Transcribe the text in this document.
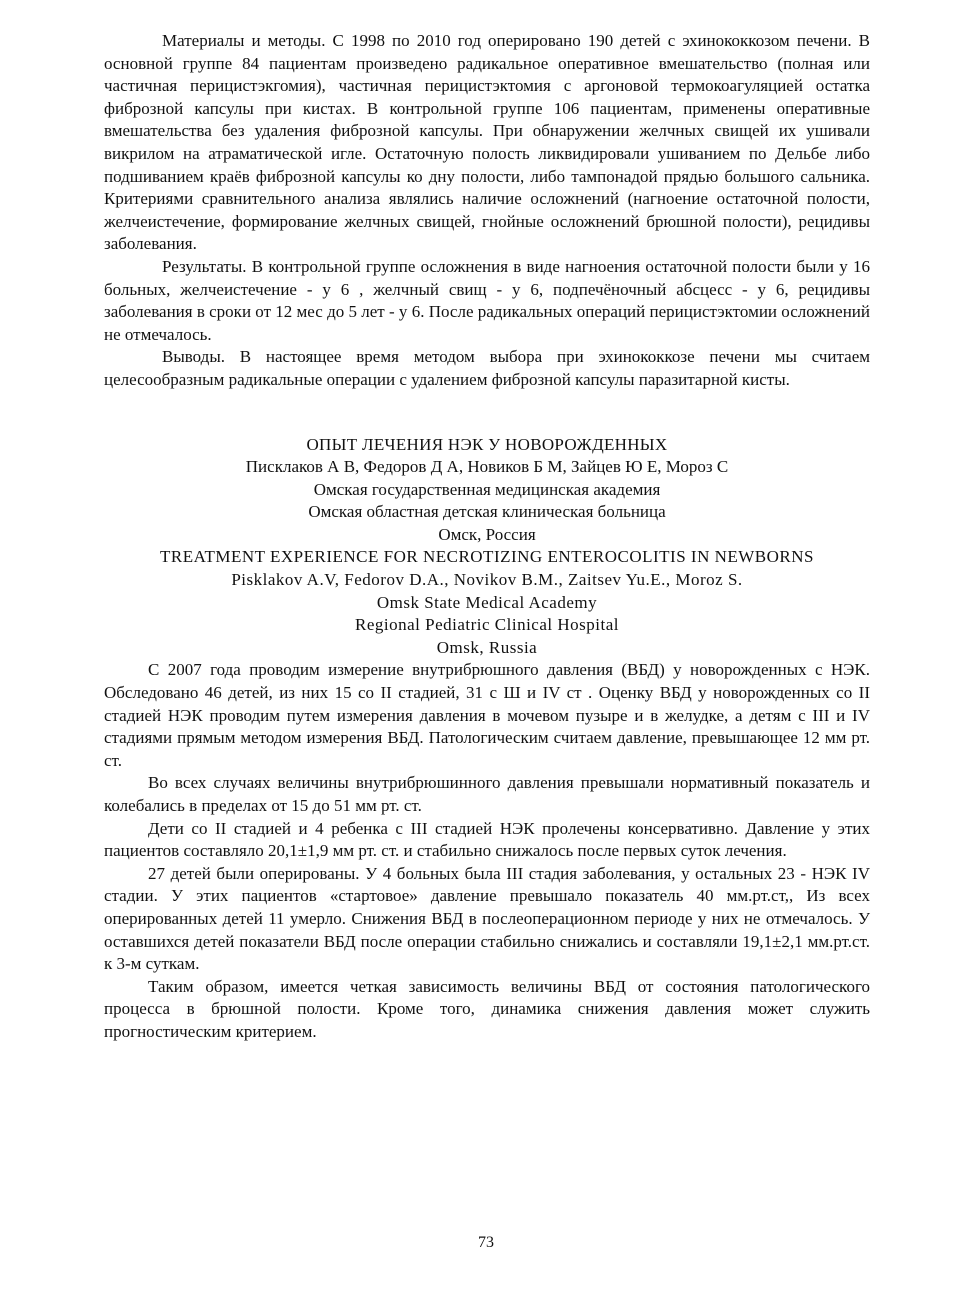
Материалы и методы. С 1998 по 2010 год оперировано 190 детей с эхинококкозом печени. В основной группе 84 пациентам произведено радикальное оперативное вмешательство (полная или частичная перицистэкгомия), частичная перицистэктомия с аргоновой термокоагуляцией остатка фиброзной капсулы при кистах. В контрольной группе 106 пациентам, применены оперативные вмешательства без удаления фиброзной капсулы. При обнаружении желчных свищей их ушивали викрилом на атраматической игле. Остаточную полость ликвидировали ушиванием по Дельбе либо подшиванием краёв фиброзной капсулы ко дну полости, либо тампонадой прядью большого сальника. Критериями сравнительного анализа являлись наличие осложнений (нагноение остаточной полости, желчеистечение, формирование желчных свищей, гнойные осложнений брюшной полости), рецидивы заболевания.

Результаты. В контрольной группе осложнения в виде нагноения остаточной полости были у 16 больных, желчеистечение - у 6 , желчный свищ - у 6, подпечёночный абсцесс - у 6, рецидивы заболевания в сроки от 12 мес до 5 лет - у 6. После радикальных операций перицистэктомии осложнений не отмечалось.

Выводы. В настоящее время методом выбора при эхинококкозе печени мы считаем целесообразным радикальные операции с удалением фиброзной капсулы паразитарной кисты.

ОПЫТ ЛЕЧЕНИЯ НЭК У НОВОРОЖДЕННЫХ

Писклаков А В, Федоров Д А, Новиков Б М, Зайцев Ю Е, Мороз С

Омская государственная медицинская академия

Омская областная детская клиническая больница

Омск, Россия

TREATMENT EXPERIENCE FOR NECROTIZING ENTEROCOLITIS IN NEWBORNS

Pisklakov A.V, Fedorov D.A., Novikov B.M., Zaitsev Yu.E., Moroz S.

Omsk State Medical Academy

Regional Pediatric Clinical Hospital

Omsk, Russia

С 2007 года проводим измерение внутрибрюшного давления (ВБД) у новорожденных с НЭК. Обследовано 46 детей, из них 15 со II стадией, 31 с Ш и IV ст . Оценку ВБД у новорожденных со II стадией НЭК проводим путем измерения давления в мочевом пузыре и в желудке, а детям с III и IV стадиями прямым методом измерения ВБД. Патологическим считаем давление, превышающее 12 мм рт. ст.

Во всех случаях величины внутрибрюшинного давления превышали нормативный показатель и колебались в пределах от 15 до 51 мм рт. ст.

Дети со II стадией и 4 ребенка с III стадией НЭК пролечены консервативно. Давление у этих пациентов составляло 20,1±1,9 мм рт. ст. и стабильно снижалось после первых суток лечения.

27 детей были оперированы. У 4 больных была III стадия заболевания, у остальных 23 - НЭК IV стадии. У этих пациентов «стартовое» давление превышало показатель 40 мм.рт.ст,, Из всех оперированных детей 11 умерло. Снижения ВБД в послеоперационном периоде у них не отмечалось. У оставшихся детей показатели ВБД после операции стабильно снижались и составляли 19,1±2,1 мм.рт.ст. к 3-м суткам.

Таким образом, имеется четкая зависимость величины ВБД от состояния патологического процесса в брюшной полости. Кроме того, динамика снижения давления может служить прогностическим критерием.

73
